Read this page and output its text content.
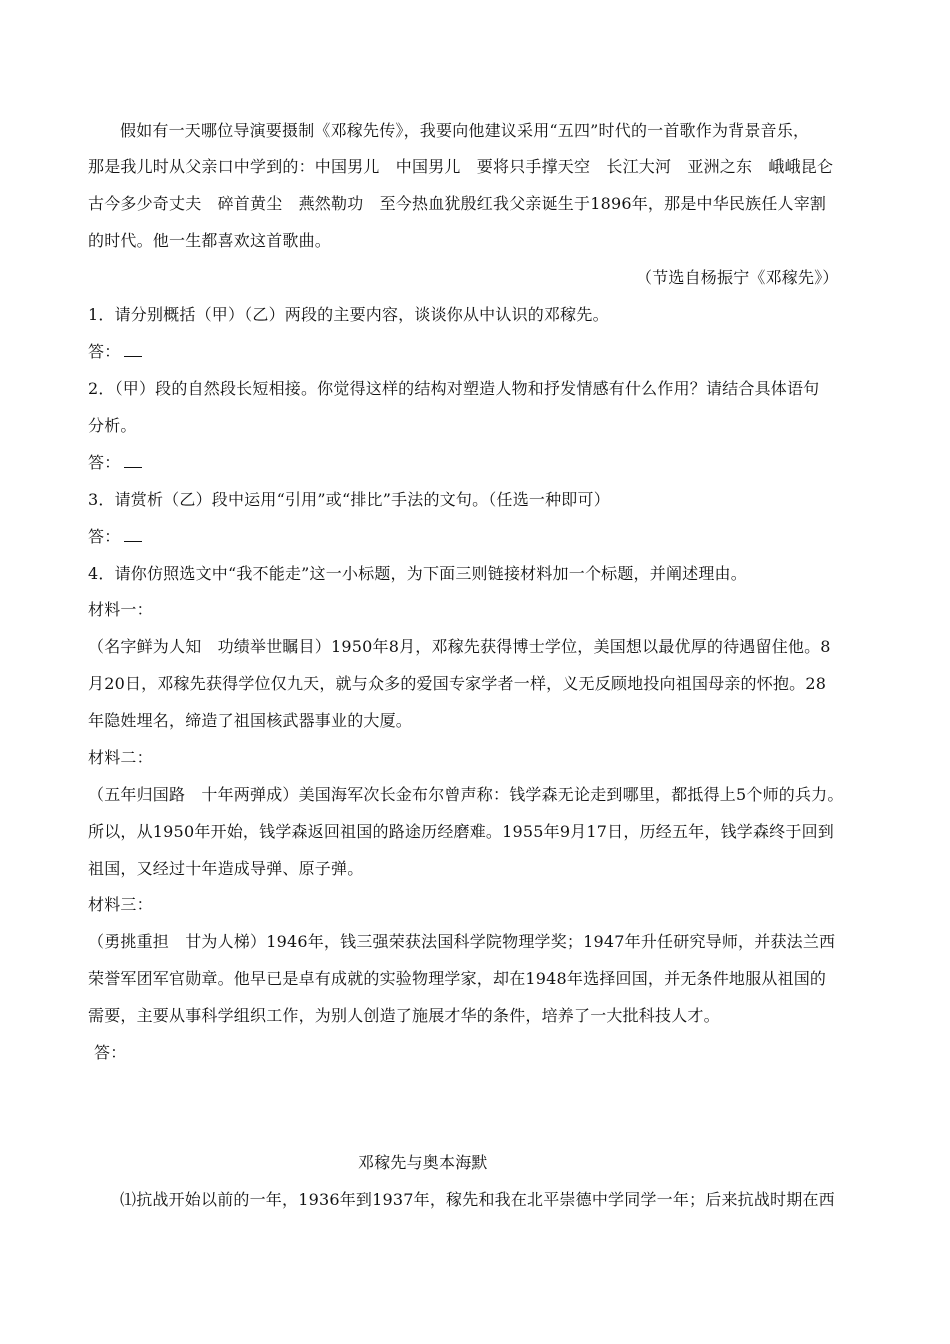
假如有一天哪位导演要摄制《邓稼先传》，我要向他建议采用“五四”时代的一首歌作为背景音乐，
那是我儿时从父亲口中学到的：中国男儿　中国男儿　要将只手撑天空　长江大河　亚洲之东　峨峨昆仑
古今多少奇丈夫　碎首黄尘　燕然勒功　至今热血犹殷红我父亲诞生于1896年，那是中华民族任人宰割
的时代。他一生都喜欢这首歌曲。
（节选自杨振宁《邓稼先》）
1．请分别概括（甲）（乙）两段的主要内容，谈谈你从中认识的邓稼先。
答：
2．（甲）段的自然段长短相接。你觉得这样的结构对塑造人物和抒发情感有什么作用？请结合具体语句
分析。
答：
3．请赏析（乙）段中运用“引用”或“排比”手法的文句。（任选一种即可）
答：
4．请你仿照选文中“我不能走”这一小标题，为下面三则链接材料加一个标题，并阐述理由。
材料一：
（名字鲜为人知　功绩举世瞩目）1950年8月，邓稼先获得博士学位，美国想以最优厚的待遇留住他。8
月20日，邓稼先获得学位仅九天，就与众多的爱国专家学者一样，义无反顾地投向祖国母亲的怀抱。28
年隐姓埋名，缔造了祖国核武器事业的大厦。
材料二：
（五年归国路　十年两弹成）美国海军次长金布尔曾声称：钱学森无论走到哪里，都抵得上5个师的兵力。
所以，从1950年开始，钱学森返回祖国的路途历经磨难。1955年9月17日，历经五年，钱学森终于回到
祖国，又经过十年造成导弹、原子弹。
材料三：
（勇挑重担　甘为人梯）1946年，钱三强荣获法国科学院物理学奖；1947年升任研究导师，并获法兰西
荣誉军团军官勋章。他早已是卓有成就的实验物理学家，却在1948年选择回国，并无条件地服从祖国的
需要，主要从事科学组织工作，为别人创造了施展才华的条件，培养了一大批科技人才。
答：
邓稼先与奥本海默
⑴抗战开始以前的一年，1936年到1937年，稼先和我在北平崇德中学同学一年；后来抗战时期在西
